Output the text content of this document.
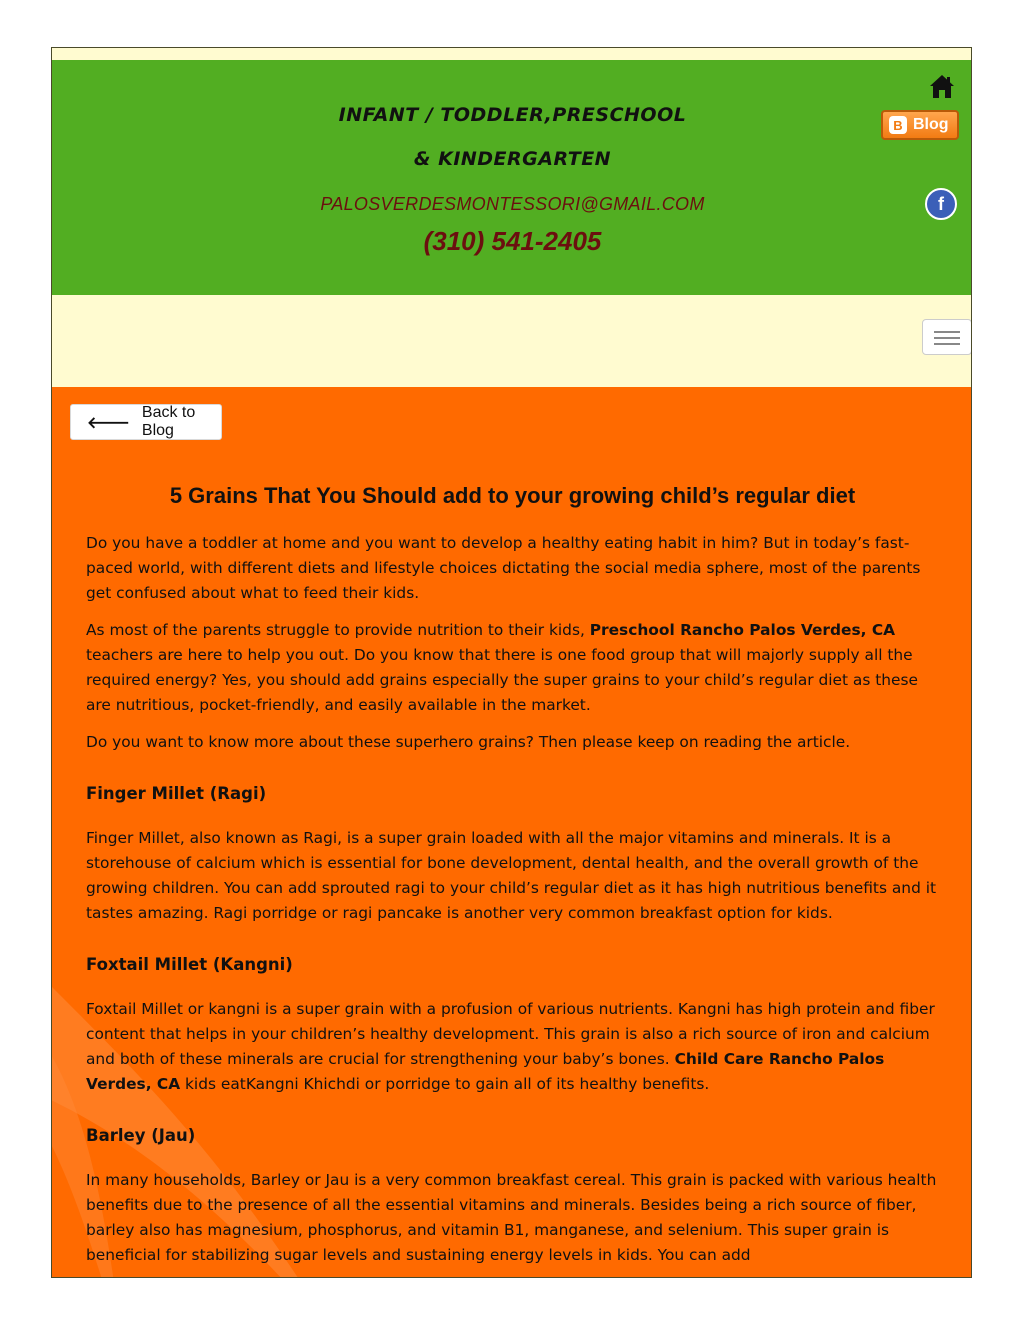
INFANT / TODDLER,PRESCHOOL
& KINDERGARTEN
PALOSVERDESMONTESSORI@GMAIL.COM
(310) 541-2405
B Blog
f
🡐
Back to Blog
5 Grains That You Should add to your growing child’s regular diet

Do you have a toddler at home and you want to develop a healthy eating habit in him? But in today’s fast-paced world, with different diets and lifestyle choices dictating the social media sphere, most of the parents get confused about what to feed their kids.

As most of the parents struggle to provide nutrition to their kids, Preschool Rancho Palos Verdes, CA teachers are here to help you out. Do you know that there is one food group that will majorly supply all the required energy? Yes, you should add grains especially the super grains to your child’s regular diet as these are nutritious, pocket-friendly, and easily available in the market.

Do you want to know more about these superhero grains? Then please keep on reading the article.

Finger Millet (Ragi)

Finger Millet, also known as Ragi, is a super grain loaded with all the major vitamins and minerals. It is a storehouse of calcium which is essential for bone development, dental health, and the overall growth of the growing children. You can add sprouted ragi to your child’s regular diet as it has high nutritious benefits and it tastes amazing. Ragi porridge or ragi pancake is another very common breakfast option for kids.

Foxtail Millet (Kangni)

Foxtail Millet or kangni is a super grain with a profusion of various nutrients. Kangni has high protein and fiber content that helps in your children’s healthy development. This grain is also a rich source of iron and calcium and both of these minerals are crucial for strengthening your baby’s bones. Child Care Rancho Palos Verdes, CA kids eatKangni Khichdi or porridge to gain all of its healthy benefits.

Barley (Jau)

In many households, Barley or Jau is a very common breakfast cereal. This grain is packed with various health benefits due to the presence of all the essential vitamins and minerals. Besides being a rich source of fiber, barley also has magnesium, phosphorus, and vitamin B1, manganese, and selenium. This super grain is beneficial for stabilizing sugar levels and sustaining energy levels in kids. You can add
